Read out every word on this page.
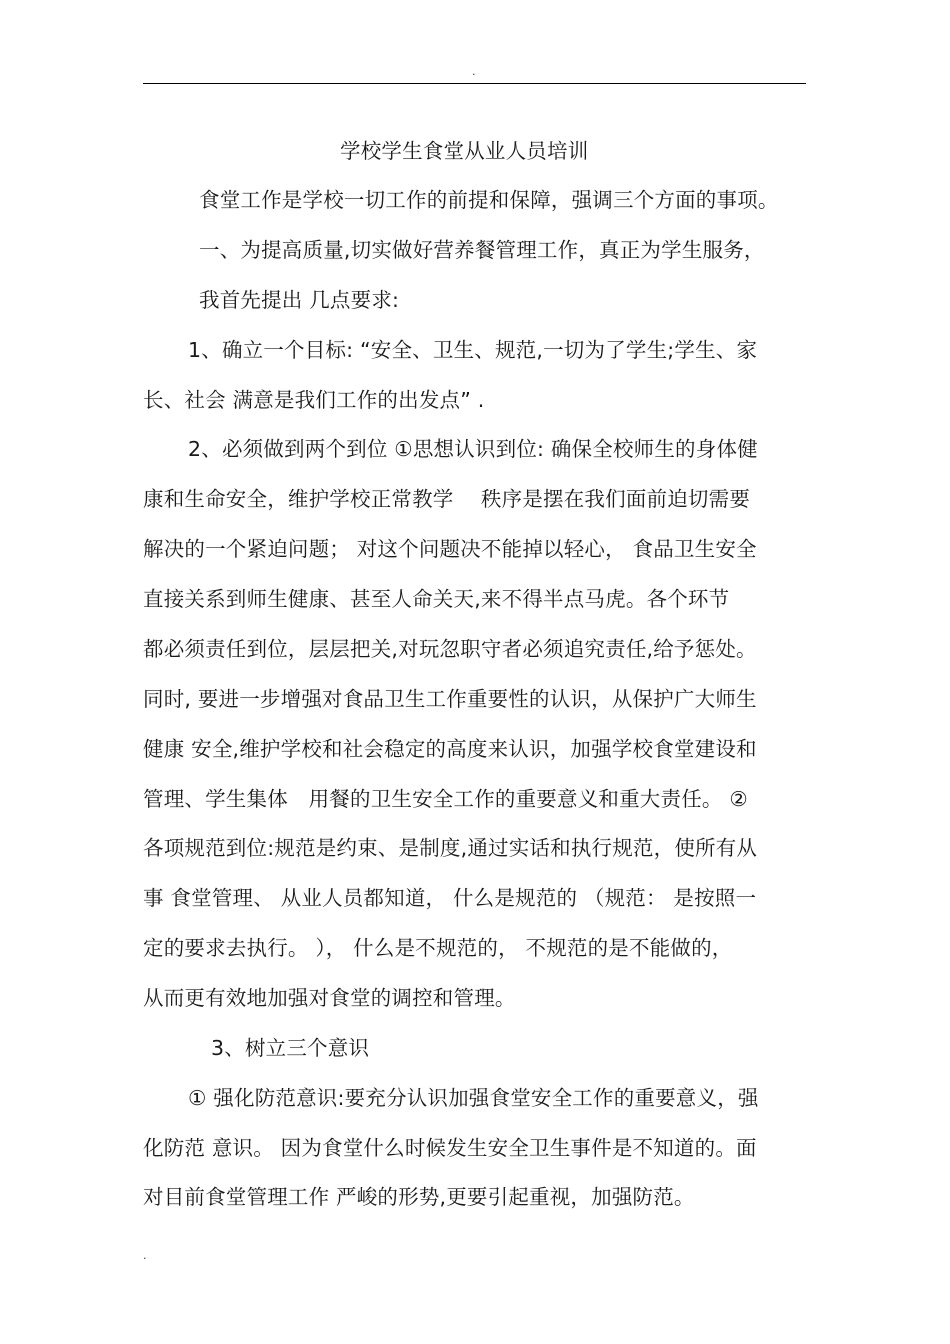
.
学校学生食堂从业人员培训
食堂工作是学校一切工作的前提和保障，强调三个方面的事项。
一、为提高质量,切实做好营养餐管理工作，真正为学生服务，
我首先提出 几点要求:
1、确立一个目标: “安全、卫生、规范,一切为了学生;学生、家
长、社会 满意是我们工作的出发点” .
2、必须做到两个到位 ①思想认识到位: 确保全校师生的身体健
康和生命安全，维护学校正常教学　 秩序是摆在我们面前迫切需要
解决的一个紧迫问题； 对这个问题决不能掉以轻心， 食品卫生安全
直接关系到师生健康、甚至人命关天,来不得半点马虎。各个环节
都必须责任到位，层层把关,对玩忽职守者必须追究责任,给予惩处。
同时, 要进一步增强对食品卫生工作重要性的认识，从保护广大师生
健康 安全,维护学校和社会稳定的高度来认识，加强学校食堂建设和
管理、学生集体　用餐的卫生安全工作的重要意义和重大责任。 ②
各项规范到位:规范是约束、是制度,通过实话和执行规范，使所有从
事 食堂管理、 从业人员都知道， 什么是规范的 （规范： 是按照一
定的要求去执行。 ）， 什么是不规范的， 不规范的是不能做的，
从而更有效地加强对食堂的调控和管理。
3、树立三个意识
① 强化防范意识:要充分认识加强食堂安全工作的重要意义，强
化防范 意识。 因为食堂什么时候发生安全卫生事件是不知道的。面
对目前食堂管理工作 严峻的形势,更要引起重视，加强防范。
.
